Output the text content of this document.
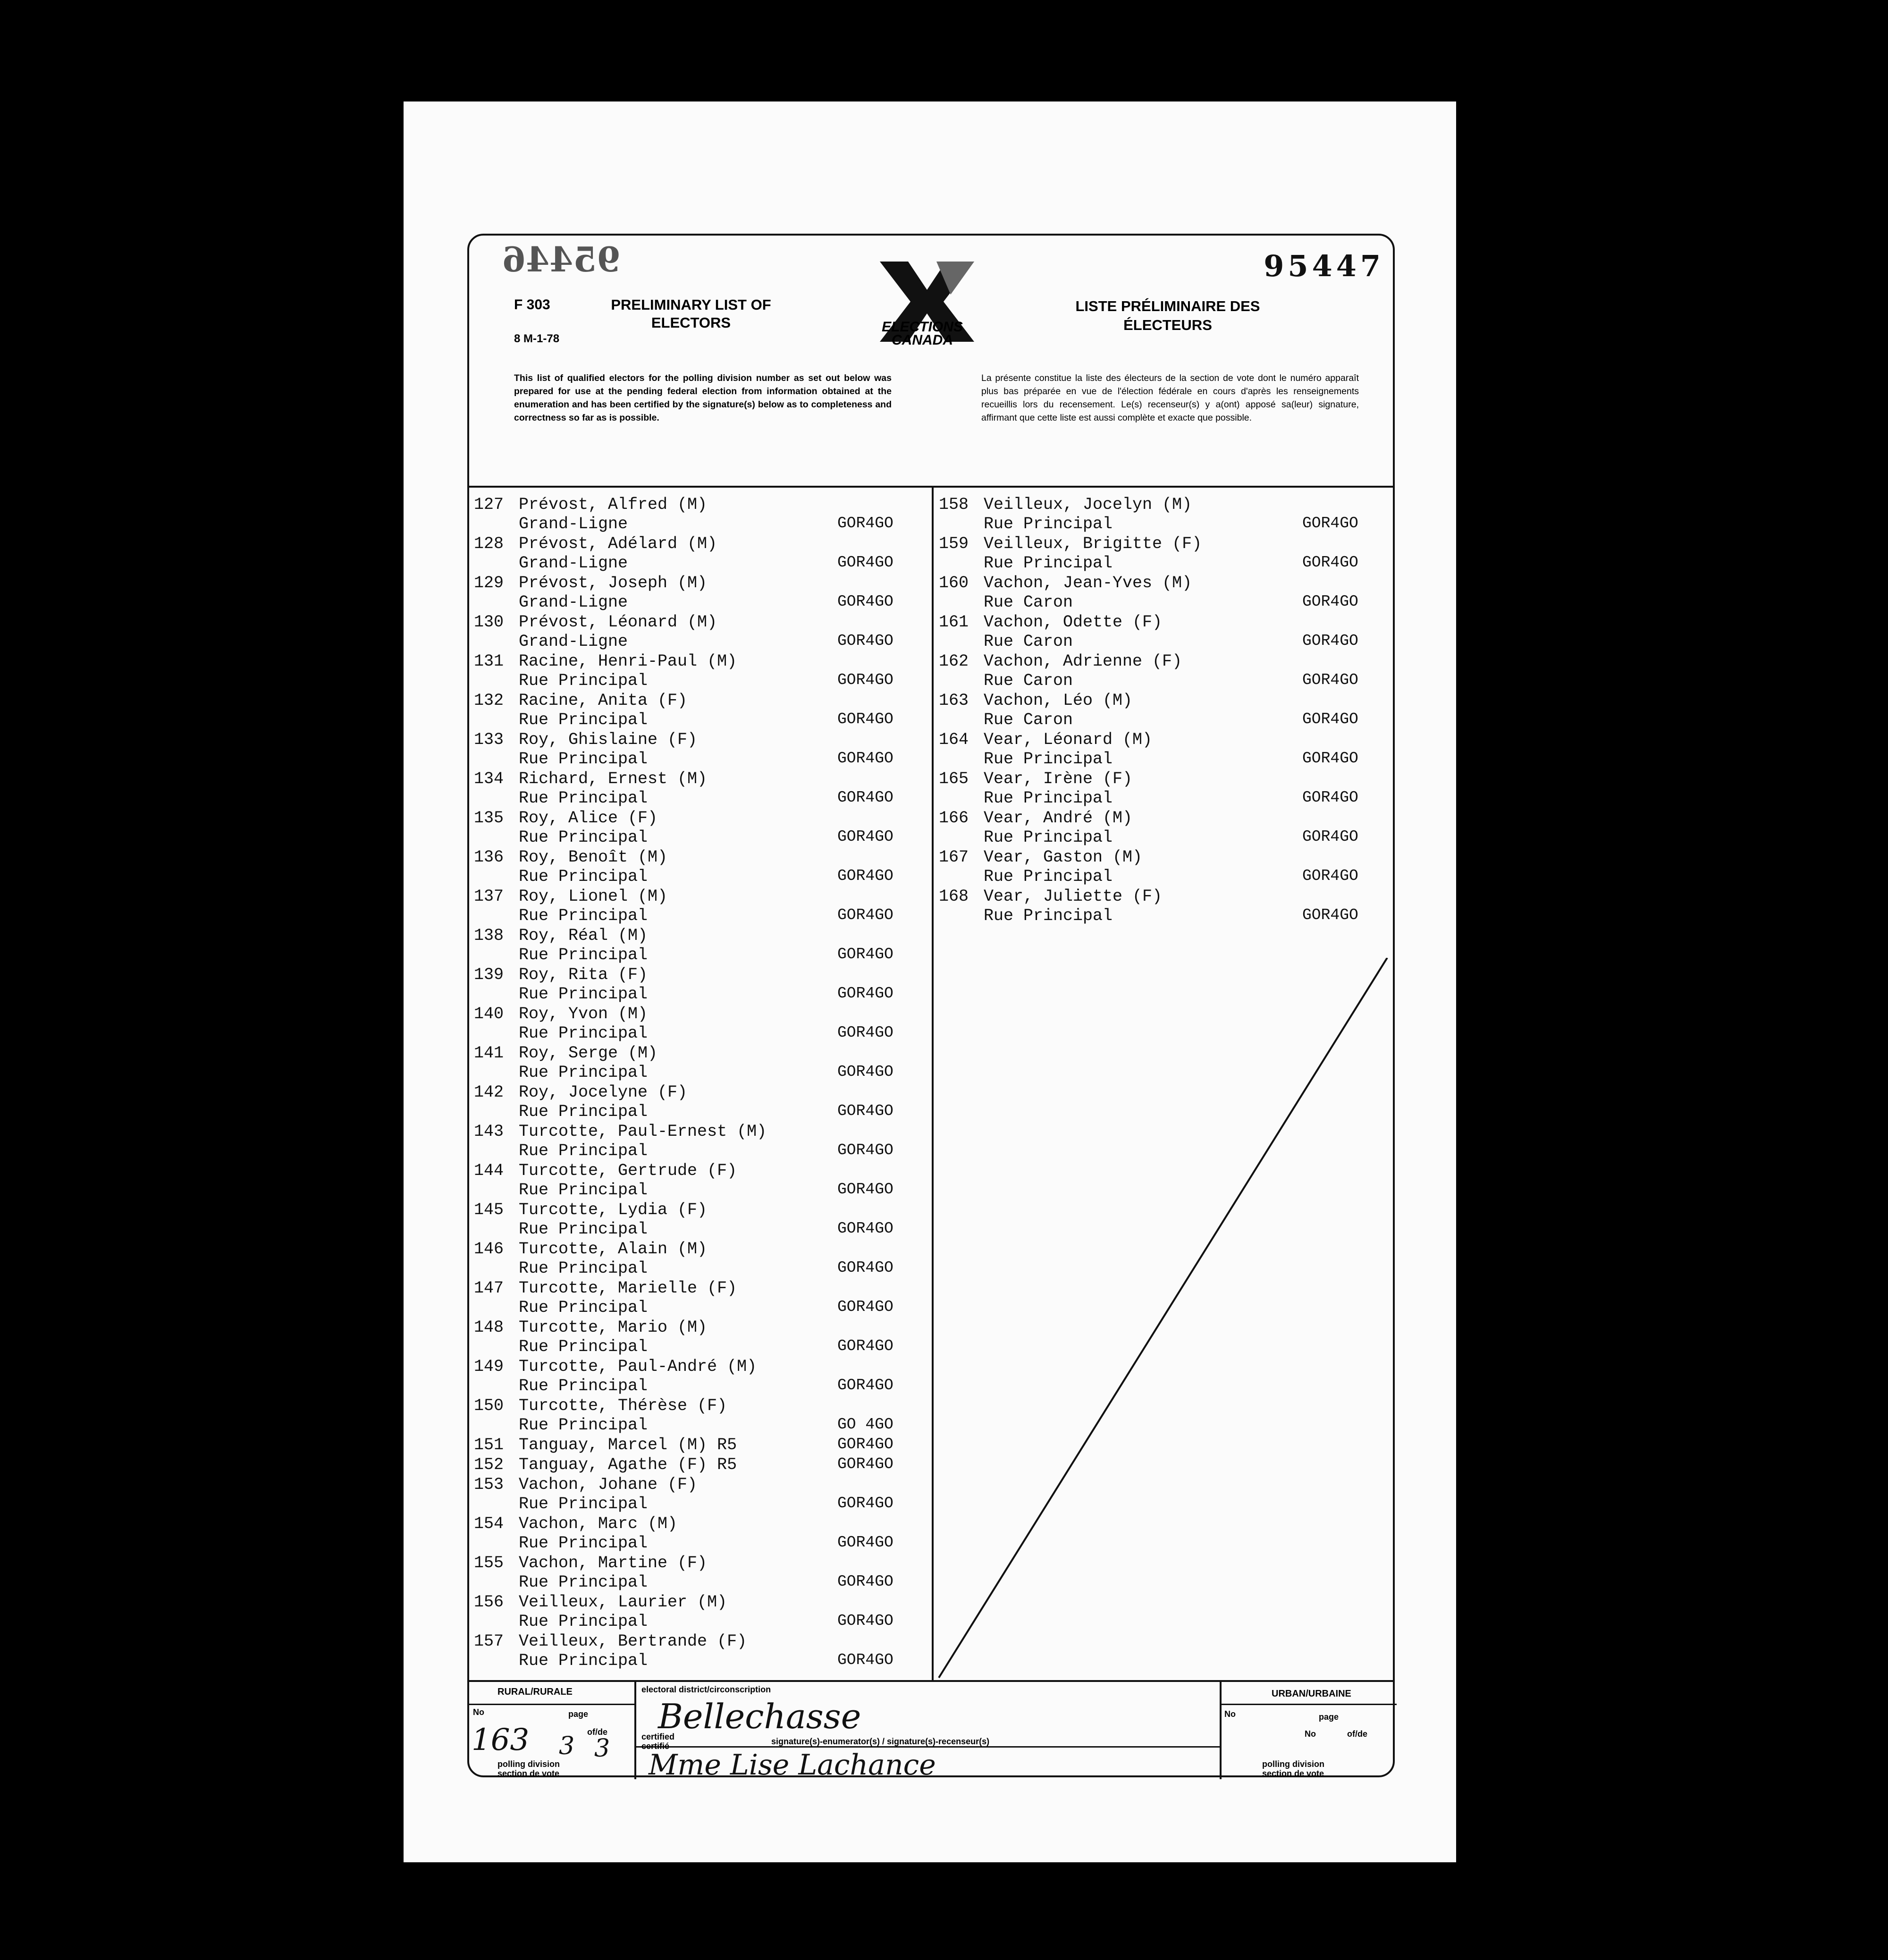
95446	95447
F 303
8 M-1-78
PRELIMINARY LIST OF ELECTORS	ELECTIONS
CANADA
LISTE PRÉLIMINAIRE DES ÉLECTEURS
This list of qualified electors for the polling division number as set out below was prepared for use at the pending federal election from information obtained at the enumeration and has been certified by the signature(s) below as to completeness and correctness so far as is possible.
La présente constitue la liste des électeurs de la section de vote dont le numéro apparaît plus bas préparée en vue de l'élection fédérale en cours d'après les renseignements recueillis lors du recensement. Le(s) recenseur(s) y a(ont) apposé sa(leur) signature, affirmant que cette liste est aussi complète et exacte que possible.
127 Prévost, Alfred (M)
Grand-Ligne	GOR4GO
128 Prévost, Adélard (M)
Grand-Ligne	GOR4GO
129 Prévost, Joseph (M)
Grand-Ligne	GOR4GO
130 Prévost, Léonard (M)
Grand-Ligne	GOR4GO
131 Racine, Henri-Paul (M)
Rue Principal	GOR4GO
132 Racine, Anita (F)
Rue Principal	GOR4GO
133 Roy, Ghislaine (F)
Rue Principal	GOR4GO
134 Richard, Ernest (M)
Rue Principal	GOR4GO
135 Roy, Alice (F)
Rue Principal	GOR4GO
136 Roy, Benoît (M)
Rue Principal	GOR4GO
137 Roy, Lionel (M)
Rue Principal	GOR4GO
138 Roy, Réal (M)
Rue Principal	GOR4GO
139 Roy, Rita (F)
Rue Principal	GOR4GO
140 Roy, Yvon (M)
Rue Principal	GOR4GO
141 Roy, Serge (M)
Rue Principal	GOR4GO
142 Roy, Jocelyne (F)
Rue Principal	GOR4GO
143 Turcotte, Paul-Ernest (M)
Rue Principal	GOR4GO
144 Turcotte, Gertrude (F)
Rue Principal	GOR4GO
145 Turcotte, Lydia (F)
Rue Principal	GOR4GO
146 Turcotte, Alain (M)
Rue Principal	GOR4GO
147 Turcotte, Marielle (F)
Rue Principal	GOR4GO
148 Turcotte, Mario (M)
Rue Principal	GOR4GO
149 Turcotte, Paul-André (M)
Rue Principal	GOR4GO
150 Turcotte, Thérèse (F)
Rue Principal	GO 4GO
151 Tanguay, Marcel (M) R5	GOR4GO
152 Tanguay, Agathe (F) R5	GOR4GO
153 Vachon, Johane (F)
Rue Principal	GOR4GO
154 Vachon, Marc (M)
Rue Principal	GOR4GO
155 Vachon, Martine (F)
Rue Principal	GOR4GO
156 Veilleux, Laurier (M)
Rue Principal	GOR4GO
157 Veilleux, Bertrande (F)
Rue Principal	GOR4GO
158 Veilleux, Jocelyn (M)
Rue Principal	GOR4GO
159 Veilleux, Brigitte (F)
Rue Principal	GOR4GO
160 Vachon, Jean-Yves (M)
Rue Caron	GOR4GO
161 Vachon, Odette (F)
Rue Caron	GOR4GO
162 Vachon, Adrienne (F)
Rue Caron	GOR4GO
163 Vachon, Léo (M)
Rue Caron	GOR4GO
164 Vear, Léonard (M)
Rue Principal	GOR4GO
165 Vear, Irène (F)
Rue Principal	GOR4GO
166 Vear, André (M)
Rue Principal	GOR4GO
167 Vear, Gaston (M)
Rue Principal	GOR4GO
168 Vear, Juliette (F)
Rue Principal	GOR4GO
RURAL/RURALE
No	page
of/de
163 3 3
polling division
section de vote
electoral district/circonscription
Bellechasse
certified
certifié	signature(s)-enumerator(s) / signature(s)-recenseur(s)
Mme Lise Lachance
URBAN/URBAINE
No	page
No	of/de
polling division
section de vote
